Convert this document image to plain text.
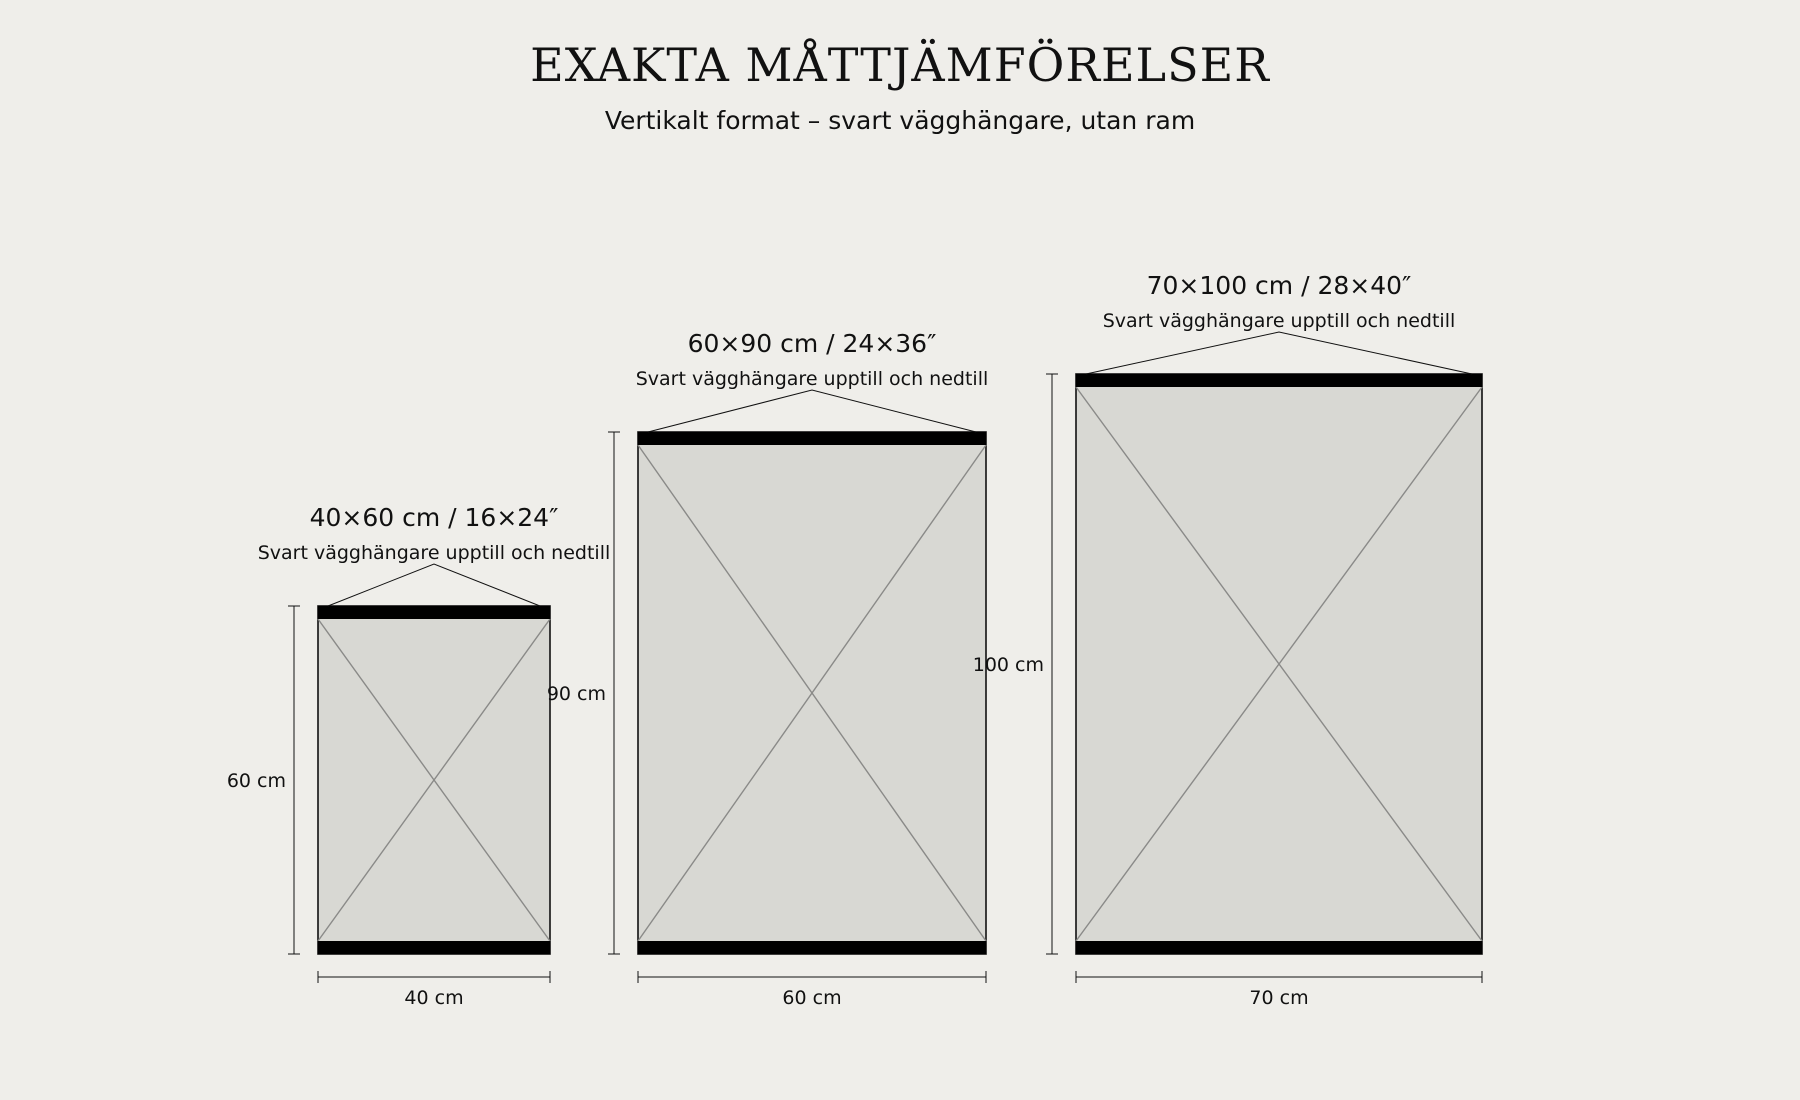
EXAKTA MÅTTJÄMFÖRELSER
Vertikalt format – svart vägghängare, utan ram
40×60 cm / 16×24″
Svart vägghängare upptill och nedtill
40 cm
60 cm
60×90 cm / 24×36″
Svart vägghängare upptill och nedtill
60 cm
90 cm
70×100 cm / 28×40″
Svart vägghängare upptill och nedtill
70 cm
100 cm
